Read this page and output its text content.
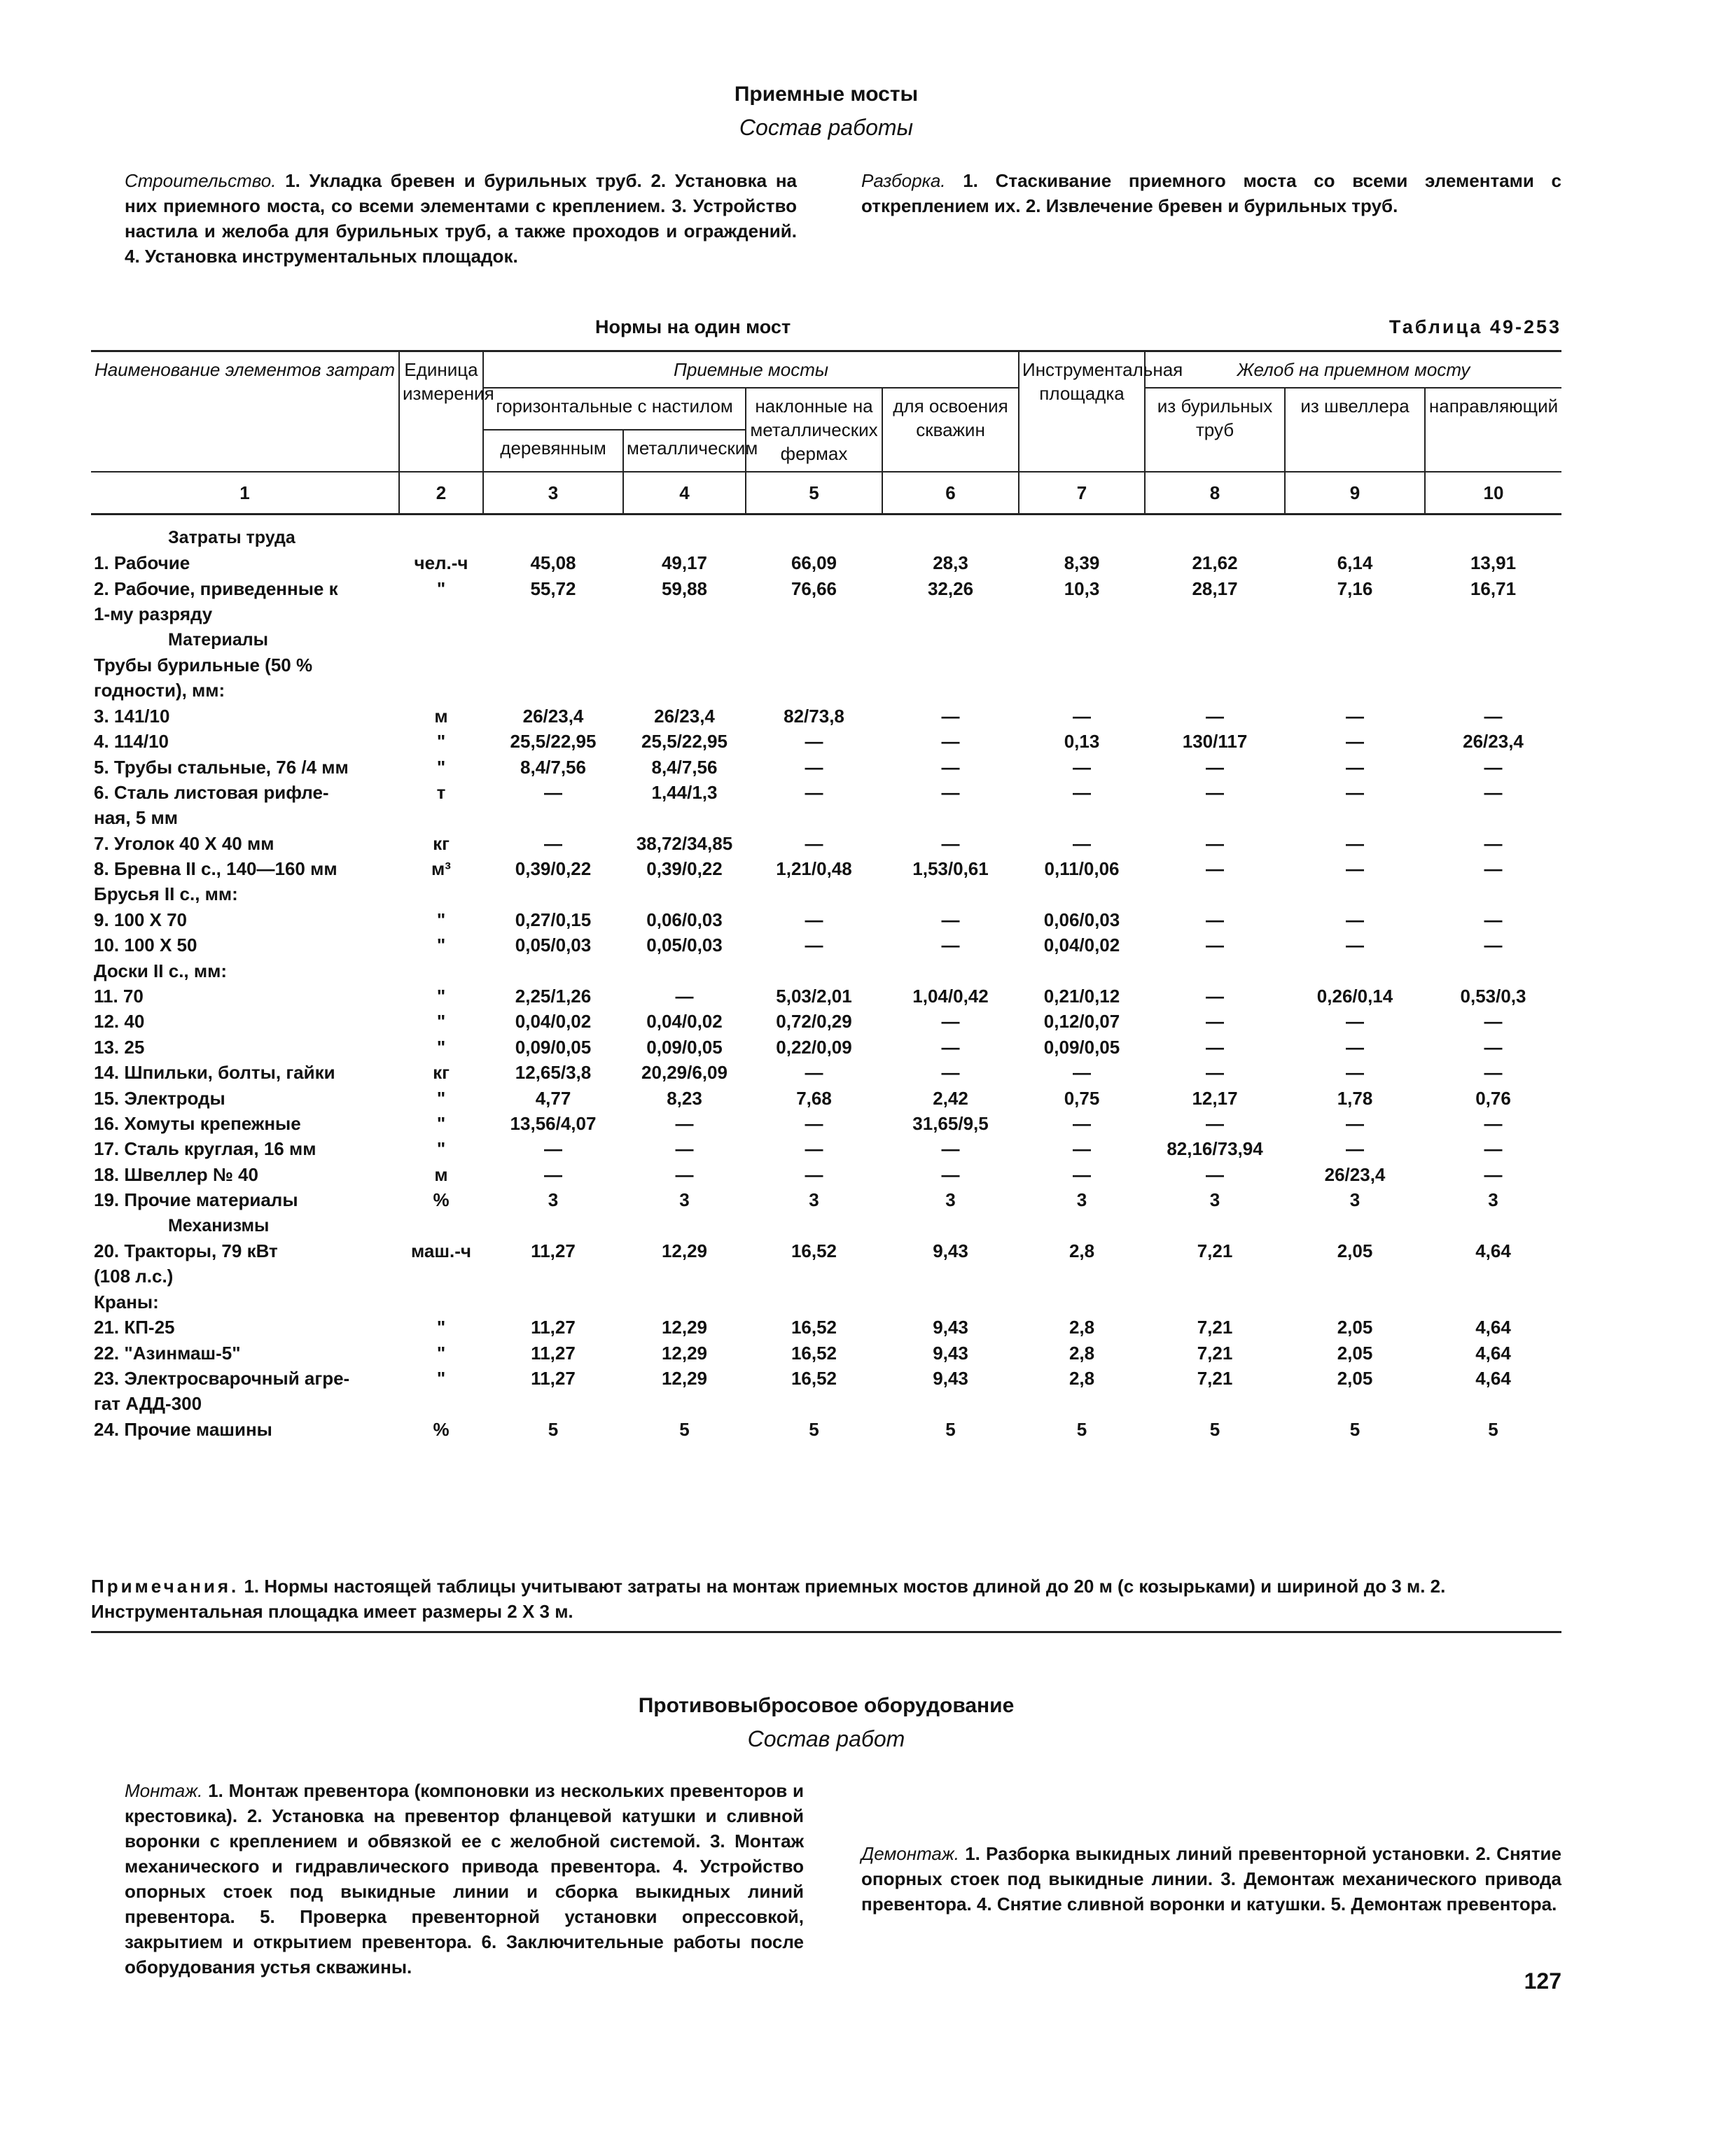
Приемные мосты
Состав работы
Строительство. 1. Укладка бревен и бурильных труб. 2. Установка на них приемного моста, со всеми элементами с креплением. 3. Устройство настила и желоба для бурильных труб, а также проходов и ограждений. 4. Установка инструментальных площадок.
Разборка. 1. Стаскивание приемного моста со всеми элементами с откреплением их. 2. Извлечение бревен и бурильных труб.
Нормы на один мост	Таблица 49-253
Наименование элементов затрат	Единица измерения	Приемные мосты				Инструментальная площадка	Желоб на приемном мосту		
		горизонтальные с настилом		наклонные на металлических фермах	для освоения скважин		из бурильных труб	из швеллера	направляющий
		деревянным	металлическим						
1	2	3	4	5	6	7	8	9	10
Затраты труда									
1. Рабочие	чел.-ч	45,08	49,17	66,09	28,3	8,39	21,62	6,14	13,91
2. Рабочие, приведенные к	"	55,72	59,88	76,66	32,26	10,3	28,17	7,16	16,71
1-му разряду									
Материалы									
Трубы бурильные (50 %									
годности), мм:									
3. 141/10	м	26/23,4	26/23,4	82/73,8	—	—	—	—	—
4. 114/10	"	25,5/22,95	25,5/22,95	—	—	0,13	130/117	—	26/23,4
5. Трубы стальные, 76 /4 мм	"	8,4/7,56	8,4/7,56	—	—	—	—	—	—
6. Сталь листовая рифле-	т	—	1,44/1,3	—	—	—	—	—	—
ная, 5 мм									
7. Уголок 40 X 40 мм	кг	—	38,72/34,85	—	—	—	—	—	—
8. Бревна II с., 140—160 мм	м³	0,39/0,22	0,39/0,22	1,21/0,48	1,53/0,61	0,11/0,06	—	—	—
Брусья II с., мм:									
9. 100 X 70	"	0,27/0,15	0,06/0,03	—	—	0,06/0,03	—	—	—
10. 100 X 50	"	0,05/0,03	0,05/0,03	—	—	0,04/0,02	—	—	—
Доски II с., мм:									
11. 70	"	2,25/1,26	—	5,03/2,01	1,04/0,42	0,21/0,12	—	0,26/0,14	0,53/0,3
12. 40	"	0,04/0,02	0,04/0,02	0,72/0,29	—	0,12/0,07	—	—	—
13. 25	"	0,09/0,05	0,09/0,05	0,22/0,09	—	0,09/0,05	—	—	—
14. Шпильки, болты, гайки	кг	12,65/3,8	20,29/6,09	—	—	—	—	—	—
15. Электроды	"	4,77	8,23	7,68	2,42	0,75	12,17	1,78	0,76
16. Хомуты крепежные	"	13,56/4,07	—	—	31,65/9,5	—	—	—	—
17. Сталь круглая, 16 мм	"	—	—	—	—	—	82,16/73,94	—	—
18. Швеллер № 40	м	—	—	—	—	—	—	26/23,4	—
19. Прочие материалы	%	3	3	3	3	3	3	3	3
Механизмы									
20. Тракторы, 79 кВт	маш.-ч	11,27	12,29	16,52	9,43	2,8	7,21	2,05	4,64
(108 л.с.)									
Краны:									
21. КП-25	"	11,27	12,29	16,52	9,43	2,8	7,21	2,05	4,64
22. "Азинмаш-5"	"	11,27	12,29	16,52	9,43	2,8	7,21	2,05	4,64
23. Электросварочный агре-	"	11,27	12,29	16,52	9,43	2,8	7,21	2,05	4,64
гат АДД-300									
24. Прочие машины	%	5	5	5	5	5	5	5	5
Примечания. 1. Нормы настоящей таблицы учитывают затраты на монтаж приемных мостов длиной до 20 м (с козырьками) и шириной до 3 м. 2. Инструментальная площадка имеет размеры 2 X 3 м.
Противовыбросовое оборудование
Состав работ
Монтаж. 1. Монтаж превентора (компоновки из нескольких превенторов и крестовика). 2. Установка на превентор фланцевой катушки и сливной воронки с креплением и обвязкой ее с желобной системой. 3. Монтаж механического и гидравлического привода превентора. 4. Устройство опорных стоек под выкидные линии и сборка выкидных линий превентора. 5. Проверка превенторной установки опрессовкой, закрытием и открытием превентора. 6. Заключительные работы после оборудования устья скважины.
Демонтаж. 1. Разборка выкидных линий превенторной установки. 2. Снятие опорных стоек под выкидные линии. 3. Демонтаж механического привода превентора. 4. Снятие сливной воронки и катушки. 5. Демонтаж превентора.
127
